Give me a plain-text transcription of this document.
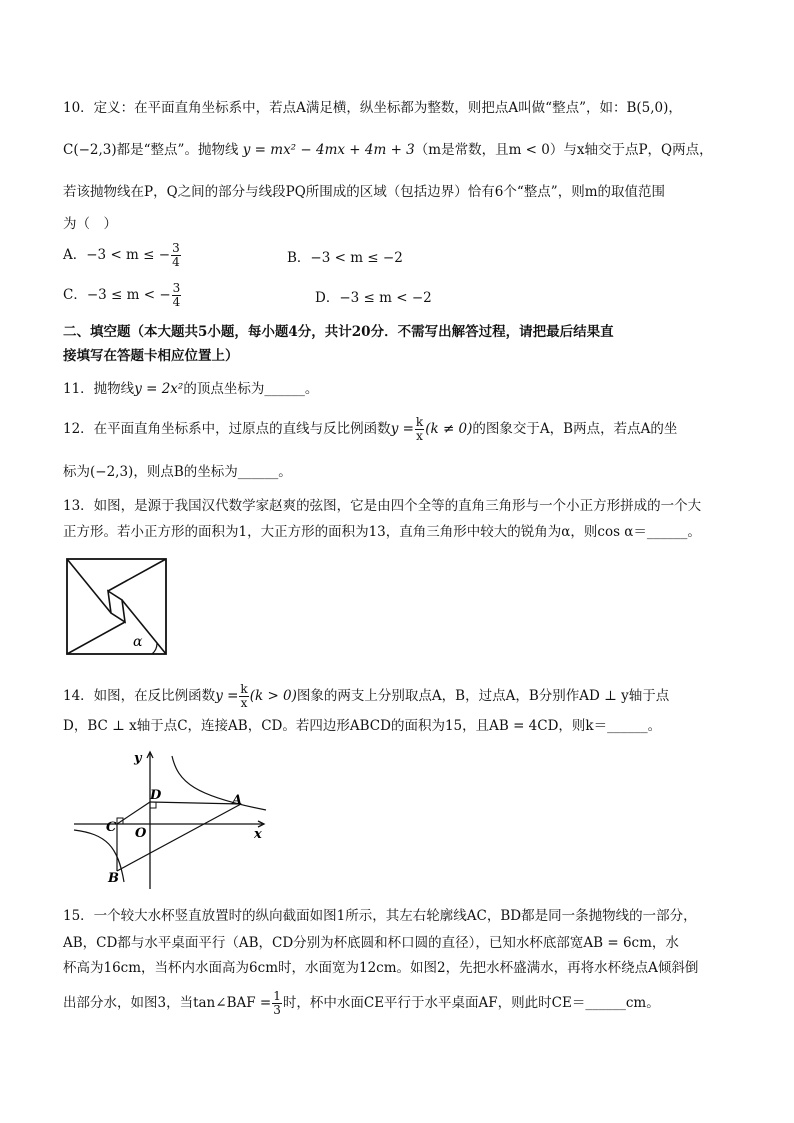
10．定义：在平面直角坐标系中，若点A满足横，纵坐标都为整数，则把点A叫做“整点”，如：B(5,0)，
C(−2,3)都是“整点”。抛物线 y = mx² − 4mx + 4m + 3（m是常数，且m < 0）与x轴交于点P，Q两点，
若该抛物线在P，Q之间的部分与线段PQ所围成的区域（包括边界）恰有6个“整点”，则m的取值范围
为（　）
A．−3 < m ≤ − $\frac{3}{4}$	B．−3 < m ≤ −2
C．−3 ≤ m < − $\frac{3}{4}$	D．−3 ≤ m < −2
二、填空题（本大题共5小题，每小题4分，共计20分．不需写出解答过程，请把最后结果直
接填写在答题卡相应位置上）
11．抛物线y = 2x²的顶点坐标为______。
12．在平面直角坐标系中，过原点的直线与反比例函数$y = \frac{k}{x} (k \ne 0)$的图象交于A，B两点，若点A的坐
标为(−2,3)，则点B的坐标为______。
13．如图，是源于我国汉代数学家赵爽的弦图，它是由四个全等的直角三角形与一个小正方形拼成的一个大
正方形。若小正方形的面积为1，大正方形的面积为13，直角三角形中较大的锐角为α，则cos α＝______。
α
14．如图，在反比例函数$y = \frac{k}{x} (k > 0)$图象的两支上分别取点A，B，过点A，B分别作AD ⊥ y轴于点
D，BC ⊥ x轴于点C，连接AB，CD。若四边形ABCD的面积为15，且AB = 4CD，则k＝______。
y
x
O
A
B
C
D
15．一个较大水杯竖直放置时的纵向截面如图1所示，其左右轮廓线AC，BD都是同一条抛物线的一部分，
AB，CD都与水平桌面平行（AB，CD分别为杯底圆和杯口圆的直径），已知水杯底部宽AB = 6cm，水
杯高为16cm，当杯内水面高为6cm时，水面宽为12cm。如图2，先把水杯盛满水，再将水杯绕点A倾斜倒
出部分水，如图3，当tan∠BAF = $\frac{1}{3}$ 时，杯中水面CE平行于水平桌面AF，则此时CE＝______cm。
